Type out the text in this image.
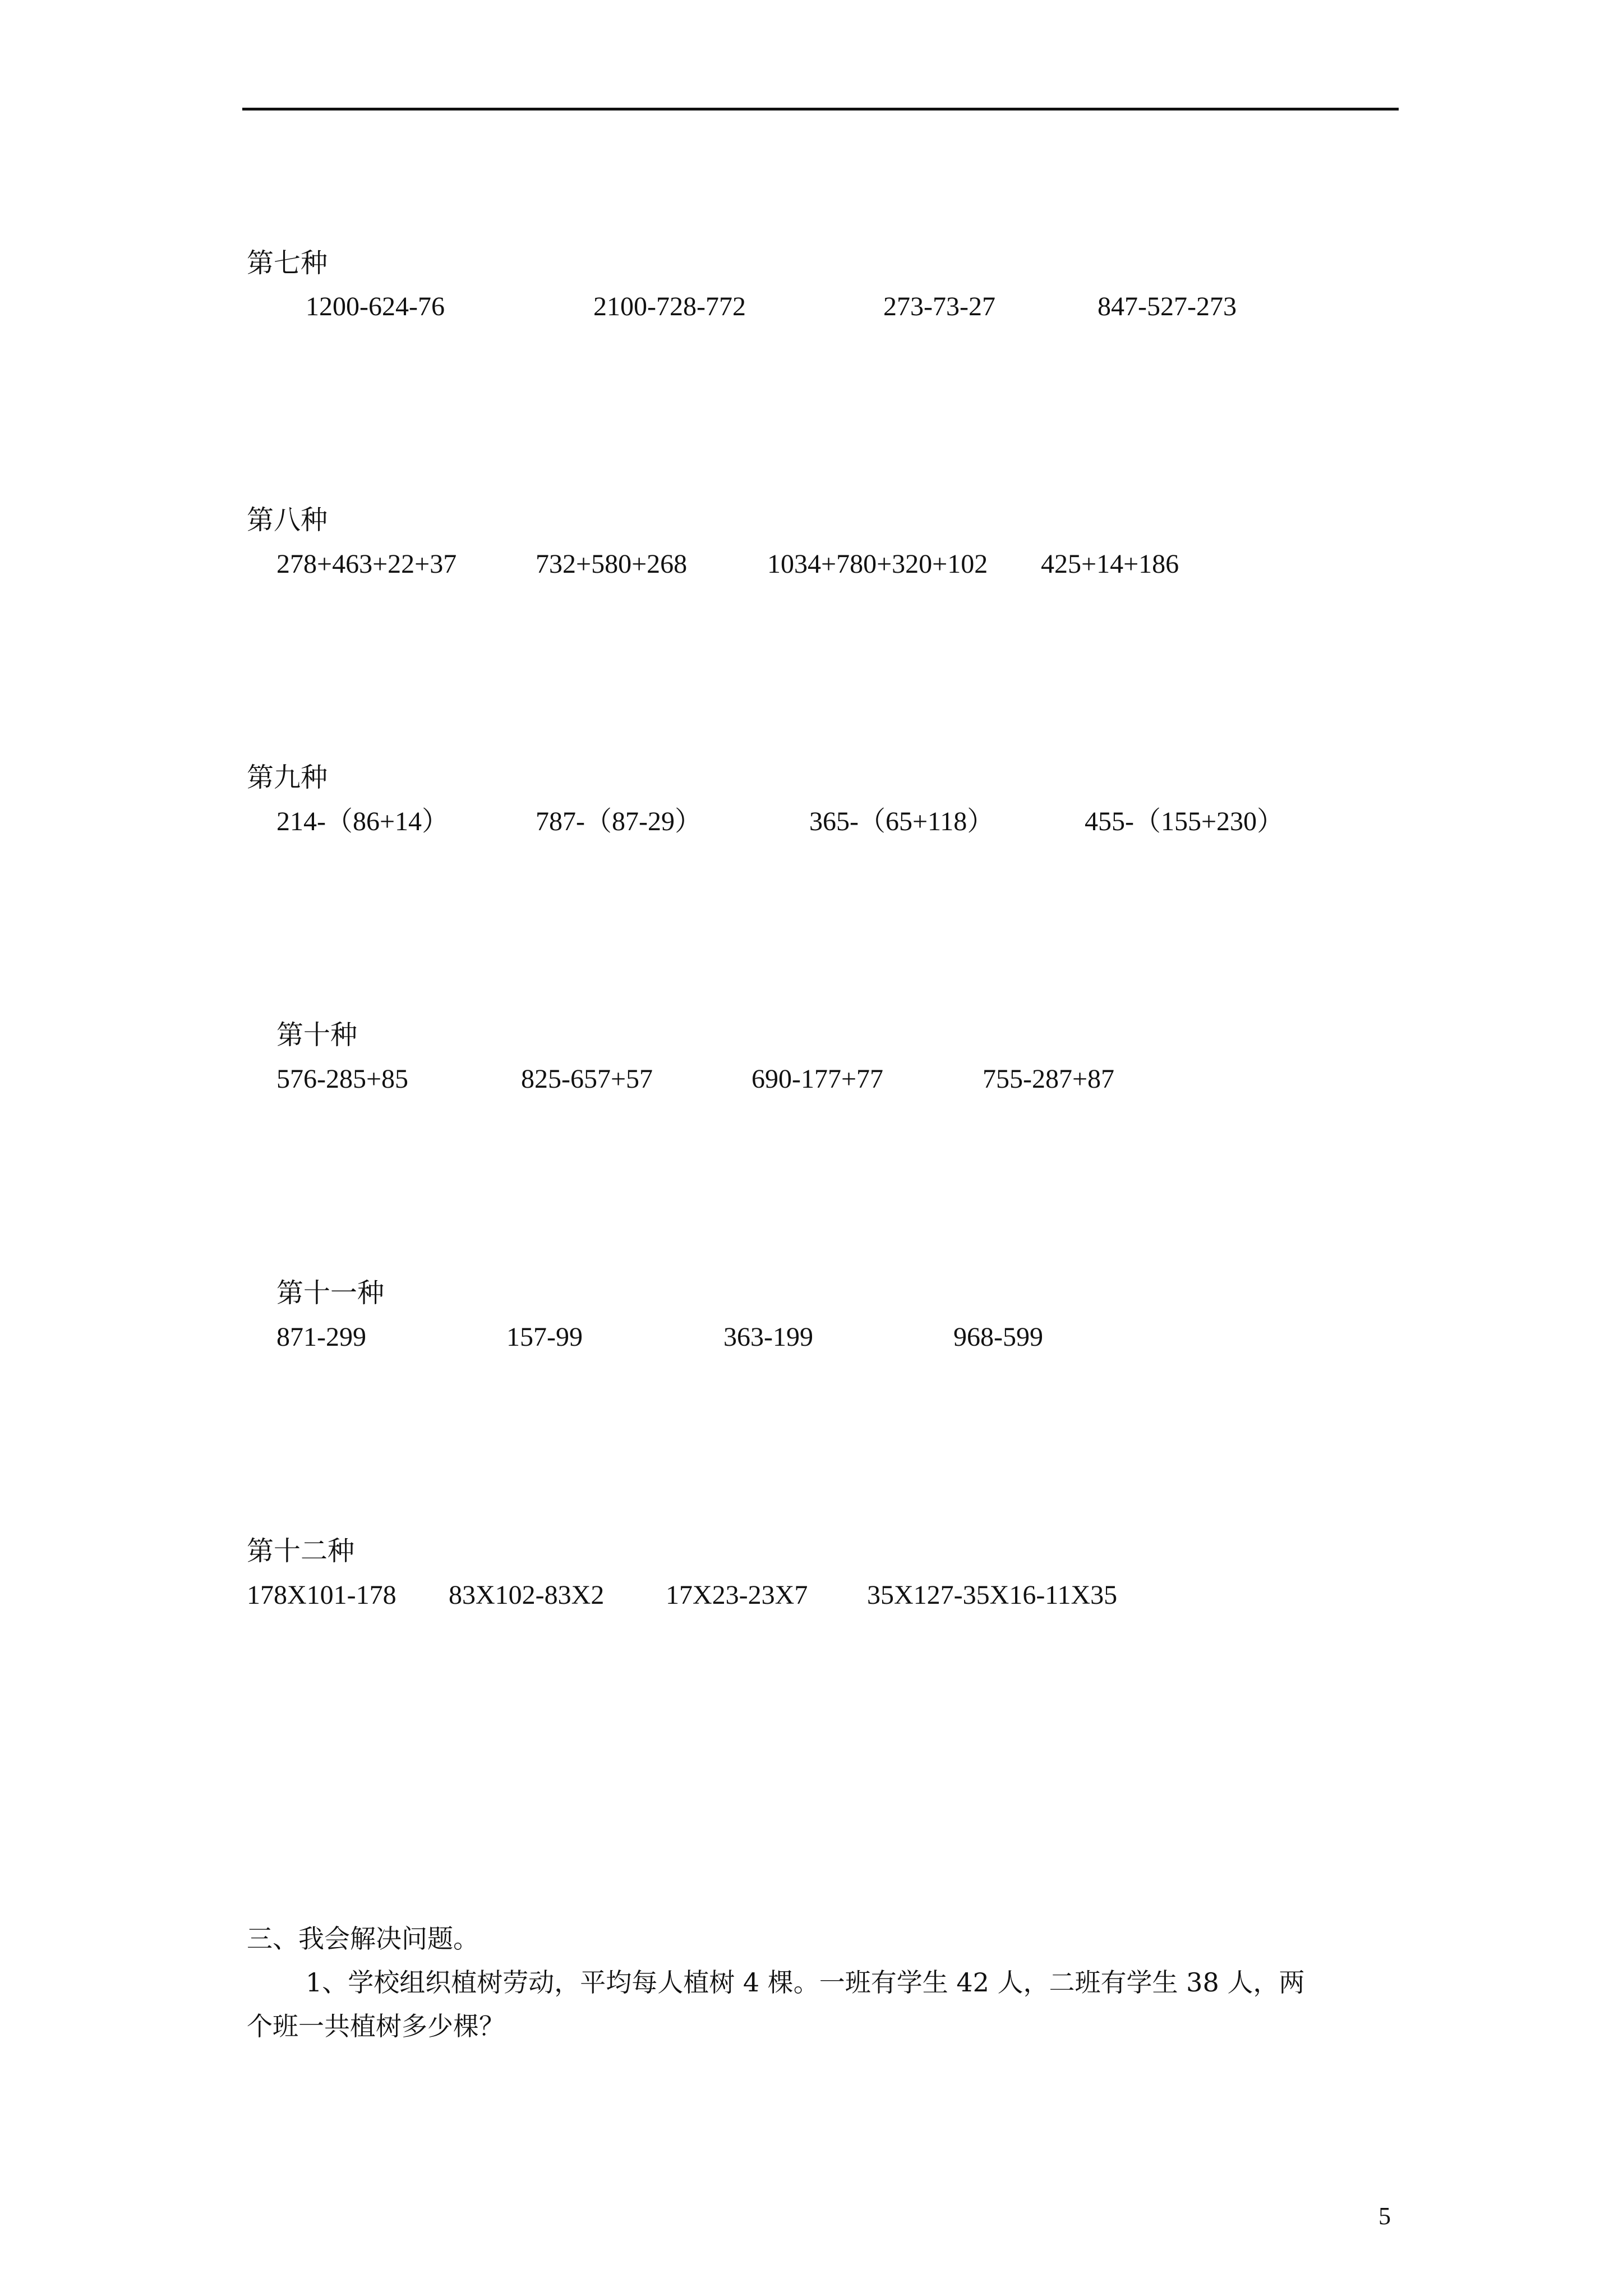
第七种
1200-624-76	2100-728-772	273-73-27	847-527-273
第八种
278+463+22+37	732+580+268	1034+780+320+102 425+14+186
第九种
214-（86+14）	787-（87-29）	365-（65+118）	455-（155+230）
第十种
576-285+85	825-657+57	690-177+77	755-287+87
第十一种
871-299	157-99	363-199	968-599
第十二种
178X101-178 83X102-83X2 17X23-23X7 35X127-35X16-11X35
三、我会解决问题。
1、学校组织植树劳动，平均每人植树 4 棵。一班有学生 42 人，二班有学生 38 人，两
个班一共植树多少棵？
5
